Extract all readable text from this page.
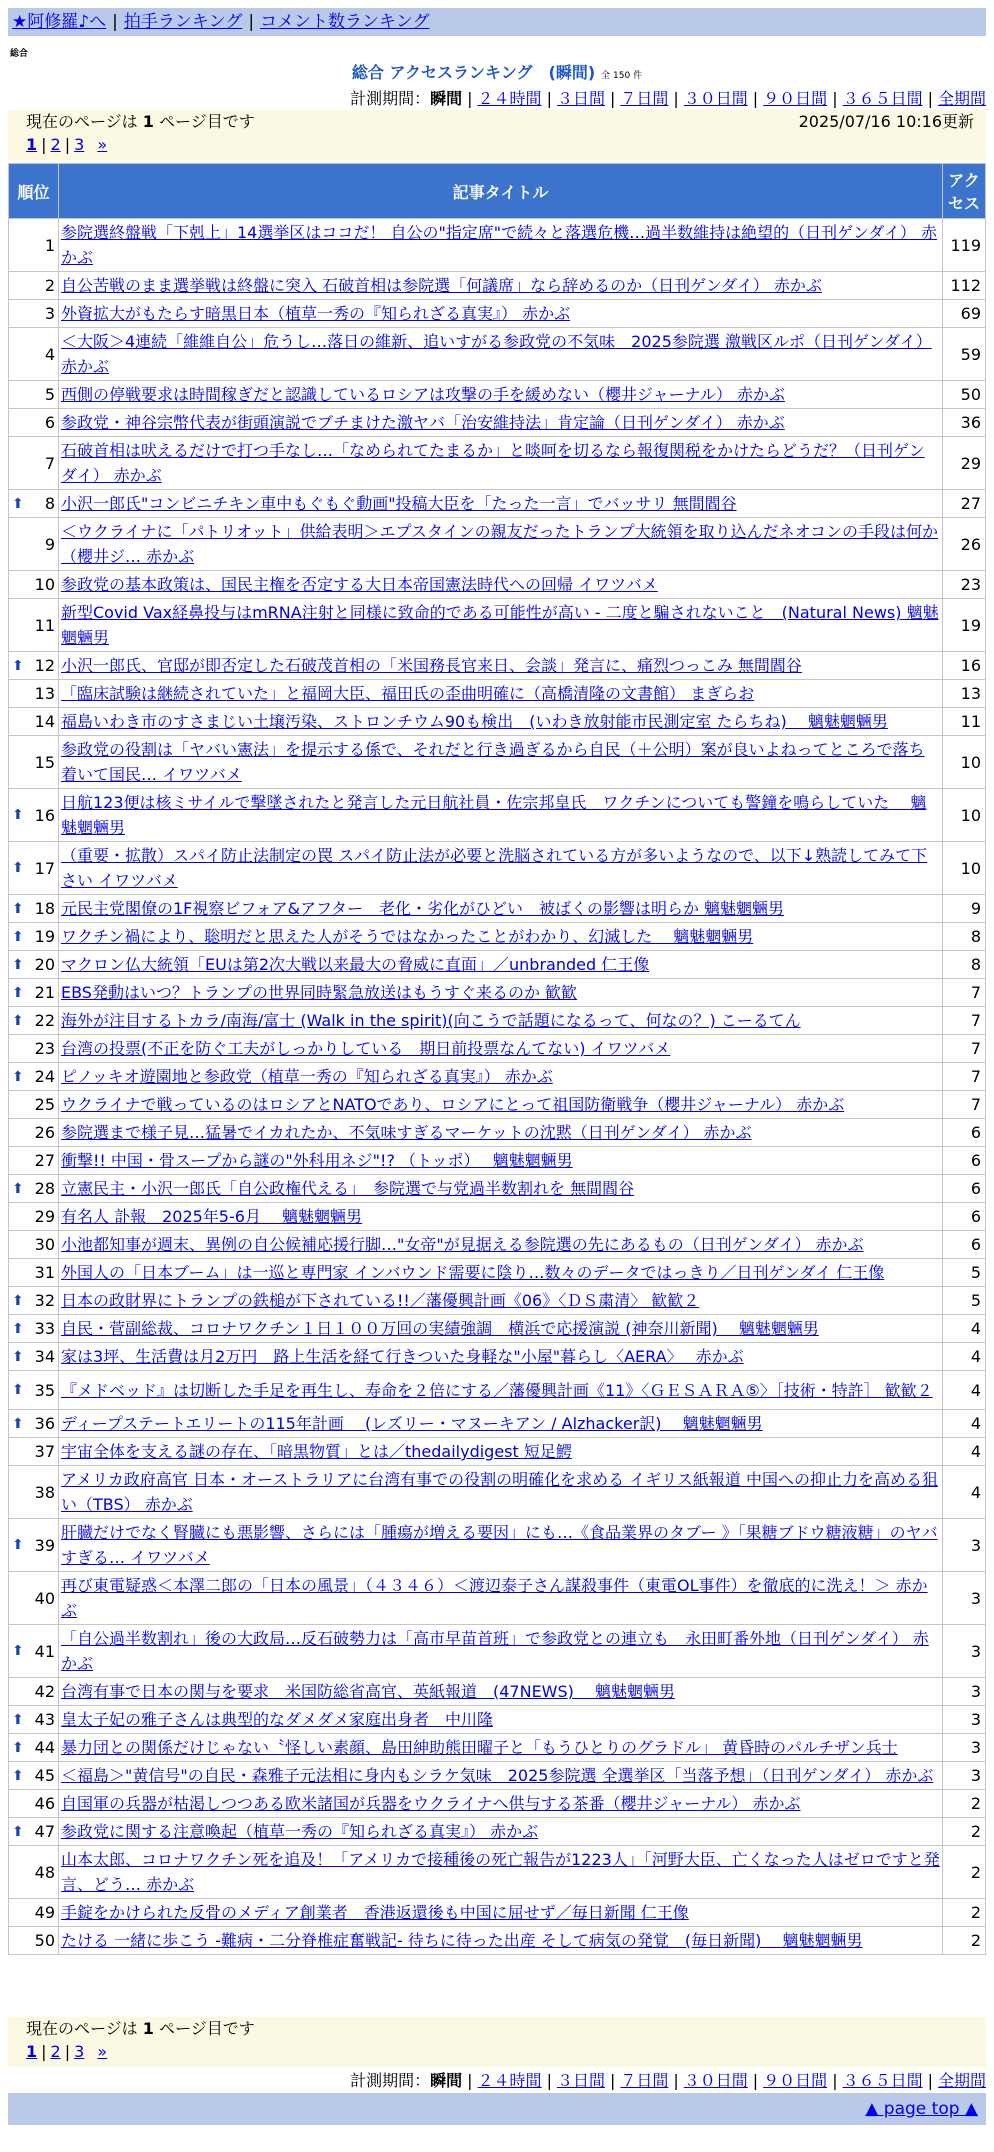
★阿修羅♪へ | 拍手ランキング | コメント数ランキング
総合
総合 アクセスランキング　(瞬間) 全 150 件
計測期間：瞬間 | ２４時間 | ３日間 | ７日間 | ３０日間 | ９０日間 | ３６５日間 | 全期間
現在のページは 1 ページ目です	2025/07/16 10:16更新
1 | 2 | 3 »
順位	記事タイトル	アクセス
1	参院選終盤戦「下剋上」14選挙区はココだ！ 自公の"指定席"で続々と落選危機…過半数維持は絶望的（日刊ゲンダイ） 赤かぶ	119
2	自公苦戦のまま選挙戦は終盤に突入 石破首相は参院選「何議席」なら辞めるのか（日刊ゲンダイ） 赤かぶ	112
3	外資拡大がもたらす暗黒日本（植草一秀の『知られざる真実』） 赤かぶ	69
4	＜大阪＞4連続「維維自公」危うし…落日の維新、追いすがる参政党の不気味　2025参院選 激戦区ルポ（日刊ゲンダイ） 赤かぶ	59
5	西側の停戦要求は時間稼ぎだと認識しているロシアは攻撃の手を緩めない（櫻井ジャーナル） 赤かぶ	50
6	参政党・神谷宗幣代表が街頭演説でブチまけた激ヤバ「治安維持法」肯定論（日刊ゲンダイ） 赤かぶ	36
7	石破首相は吠えるだけで打つ手なし…「なめられてたまるか」と啖呵を切るなら報復関税をかけたらどうだ？（日刊ゲンダイ） 赤かぶ	29

⬆ 8	小沢一郎氏"コンビニチキン車中もぐもぐ動画"投稿大臣を「たった一言」でバッサリ 無間閻谷	27
9	＜ウクライナに「パトリオット」供給表明＞エプスタインの親友だったトランプ大統領を取り込んだネオコンの手段は何か（櫻井ジ… 赤かぶ	26
10	参政党の基本政策は、国民主権を否定する大日本帝国憲法時代への回帰 イワツバメ	23
11	新型Covid Vax経鼻投与はmRNA注射と同様に致命的である可能性が高い - 二度と騙されないこと　(Natural News) 魑魅魍魎男	19

⬆ 12	小沢一郎氏、官邸が即否定した石破茂首相の「米国務長官来日、会談」発言に、痛烈つっこみ 無間閻谷	16
13	「臨床試験は継続されていた」と福岡大臣、福田氏の歪曲明確に（高橋清隆の文書館） まぎらお	13
14	福島いわき市のすさまじい土壌汚染、ストロンチウム90も検出　(いわき放射能市民測定室 たらちね)　 魑魅魍魎男	11
15	参政党の役割は「ヤバい憲法」を提示する係で、それだと行き過ぎるから自民（＋公明）案が良いよねってところで落ち着いて国民… イワツバメ	10

⬆ 16	日航123便は核ミサイルで撃墜されたと発言した元日航社員・佐宗邦皇氏　ワクチンについても警鐘を鳴らしていた　 魑魅魍魎男	10

⬆ 17	（重要・拡散）スパイ防止法制定の罠 スパイ防止法が必要と洗脳されている方が多いようなので、以下↓熟読してみて下さい イワツバメ	10

⬆ 18	元民主党閣僚の1F視察ビフォア&アフター　老化・劣化がひどい　被ばくの影響は明らか 魑魅魍魎男	9

⬆ 19	ワクチン禍により、聡明だと思えた人がそうではなかったことがわかり、幻滅した　 魑魅魍魎男	8

⬆ 20	マクロン仏大統領「EUは第2次大戦以来最大の脅威に直面」／unbranded 仁王像	8

⬆ 21	EBS発動はいつ？トランプの世界同時緊急放送はもうすぐ来るのか 歓歓	7

⬆ 22	海外が注目するトカラ/南海/富士 (Walk in the spirit)(向こうで話題になるって、何なの？) こーるてん	7
23	台湾の投票(不正を防ぐ工夫がしっかりしている　期日前投票なんてない) イワツバメ	7

⬆ 24	ピノッキオ遊園地と参政党（植草一秀の『知られざる真実』） 赤かぶ	7
25	ウクライナで戦っているのはロシアとNATOであり、ロシアにとって祖国防衛戦争（櫻井ジャーナル） 赤かぶ	7
26	参院選まで様子見…猛暑でイカれたか、不気味すぎるマーケットの沈黙（日刊ゲンダイ） 赤かぶ	6
27	衝撃!! 中国・骨スープから謎の"外科用ネジ"!? （トッポ）　 魑魅魍魎男	6

⬆ 28	立憲民主・小沢一郎氏「自公政権代える」　参院選で与党過半数割れを 無間閻谷	6
29	有名人 訃報　2025年5-6月　 魑魅魍魎男	6
30	小池都知事が週末、異例の自公候補応援行脚…"女帝"が見据える参院選の先にあるもの（日刊ゲンダイ） 赤かぶ	6
31	外国人の「日本ブーム」は一巡と専門家 インバウンド需要に陰り…数々のデータではっきり／日刊ゲンダイ 仁王像	5

⬆ 32	日本の政財界にトランプの鉄槌が下されている!!／藩優興計画《06》〈ＤＳ粛清〉 歓歓２	5

⬆ 33	自民・菅副総裁、コロナワクチン１日１００万回の実績強調　横浜で応援演説 (神奈川新聞)　 魑魅魍魎男	4

⬆ 34	家は3坪、生活費は月2万円　路上生活を経て行きついた身軽な"小屋"暮らし〈AERA〉　 赤かぶ	4

⬆ 35	『メドベッド』は切断した手足を再生し、寿命を２倍にする／藩優興計画《11》〈ＧＥＳＡＲＡ⑤〉［技術・特許］ 歓歓２	4

⬆ 36	ディープステートエリートの115年計画　 (レズリー・マヌーキアン / Alzhacker訳)　 魑魅魍魎男	4
37	宇宙全体を支える謎の存在、「暗黒物質」とは／thedailydigest 短足鰐	4
38	アメリカ政府高官 日本・オーストラリアに台湾有事での役割の明確化を求める イギリス紙報道 中国への抑止力を高める狙い（TBS） 赤かぶ	4

⬆ 39	肝臓だけでなく腎臓にも悪影響、さらには「腫瘍が増える要因」にも…《食品業界のタブー 》「果糖ブドウ糖液糖」のヤバすぎる… イワツバメ	3
40	再び東電疑惑＜本澤二郎の「日本の風景」（４３４６）＜渡辺泰子さん謀殺事件（東電OL事件）を徹底的に洗え！＞ 赤かぶ	3

⬆ 41	「自公過半数割れ」後の大政局…反石破勢力は「高市早苗首班」で参政党との連立も　永田町番外地（日刊ゲンダイ） 赤かぶ	3
42	台湾有事で日本の関与を要求　米国防総省高官、英紙報道　(47NEWS)　 魑魅魍魎男	3

⬆ 43	皇太子妃の雅子さんは典型的なダメダメ家庭出身者　中川隆	3

⬆ 44	暴力団との関係だけじゃない〝怪しい素顔、島田紳助熊田曜子と「もうひとりのグラドル」 黄昏時のパルチザン兵士	3

⬆ 45	＜福島＞"黄信号"の自民・森雅子元法相に身内もシラケ気味　2025参院選 全選挙区「当落予想」（日刊ゲンダイ） 赤かぶ	3
46	自国軍の兵器が枯渇しつつある欧米諸国が兵器をウクライナへ供与する茶番（櫻井ジャーナル） 赤かぶ	2

⬆ 47	参政党に関する注意喚起（植草一秀の『知られざる真実』） 赤かぶ	2
48	山本太郎、コロナワクチン死を追及！「アメリカで接種後の死亡報告が1223人」「河野大臣、亡くなった人はゼロですと発言、どう… 赤かぶ	2
49	手錠をかけられた反骨のメディア創業者　香港返還後も中国に屈せず／毎日新聞 仁王像	2
50	たける 一緒に歩こう -難病・二分脊椎症奮戦記- 待ちに待った出産 そして病気の発覚　(毎日新聞)　 魑魅魍魎男	2
現在のページは 1 ページ目です
1 | 2 | 3 »
計測期間：瞬間 | ２４時間 | ３日間 | ７日間 | ３０日間 | ９０日間 | ３６５日間 | 全期間
▲ page top ▲
